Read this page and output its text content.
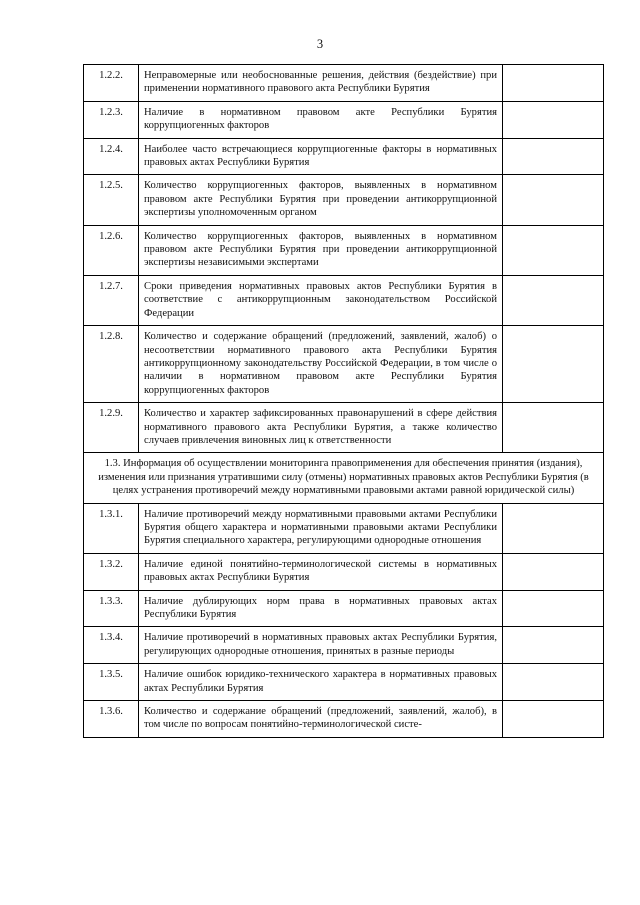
3
1.2.2.	Неправомерные или необоснованные решения, действия (бездействие) при применении нормативного правового акта Республики Бурятия	
1.2.3.	Наличие в нормативном правовом акте Республики Бурятия коррупциогенных факторов	
1.2.4.	Наиболее часто встречающиеся коррупциогенные факторы в нормативных правовых актах Республики Бурятия	
1.2.5.	Количество коррупциогенных факторов, выявленных в нормативном правовом акте Республики Бурятия при проведении антикоррупционной экспертизы уполномоченным органом	
1.2.6.	Количество коррупциогенных факторов, выявленных в нормативном правовом акте Республики Бурятия при проведении антикоррупционной экспертизы независимыми экспертами	
1.2.7.	Сроки приведения нормативных правовых актов Республики Бурятия в соответствие с антикоррупционным законодательством Российской Федерации	
1.2.8.	Количество и содержание обращений (предложений, заявлений, жалоб) о несоответствии нормативного правового акта Республики Бурятия антикоррупционному законодательству Российской Федерации, в том числе о наличии в нормативном правовом акте Республики Бурятия коррупциогенных факторов	
1.2.9.	Количество и характер зафиксированных правонарушений в сфере действия нормативного правового акта Республики Бурятия, а также количество случаев привлечения виновных лиц к ответственности	
1.3. Информация об осуществлении мониторинга правоприменения для обеспечения принятия (издания), изменения или признания утратившими силу (отмены) нормативных правовых актов Республики Бурятия (в целях устранения противоречий между нормативными правовыми актами равной юридической силы)		
1.3.1.	Наличие противоречий между нормативными правовыми актами Республики Бурятия общего характера и нормативными правовыми актами Республики Бурятия специального характера, регулирующими однородные отношения	
1.3.2.	Наличие единой понятийно-терминологической системы в нормативных правовых актах Республики Бурятия	
1.3.3.	Наличие дублирующих норм права в нормативных правовых актах Республики Бурятия	
1.3.4.	Наличие противоречий в нормативных правовых актах Республики Бурятия, регулирующих однородные отношения, принятых в разные периоды	
1.3.5.	Наличие ошибок юридико-технического характера в нормативных правовых актах Республики Бурятия	
1.3.6.	Количество и содержание обращений (предложений, заявлений, жалоб), в том числе по вопросам понятийно-терминологической систе-	
